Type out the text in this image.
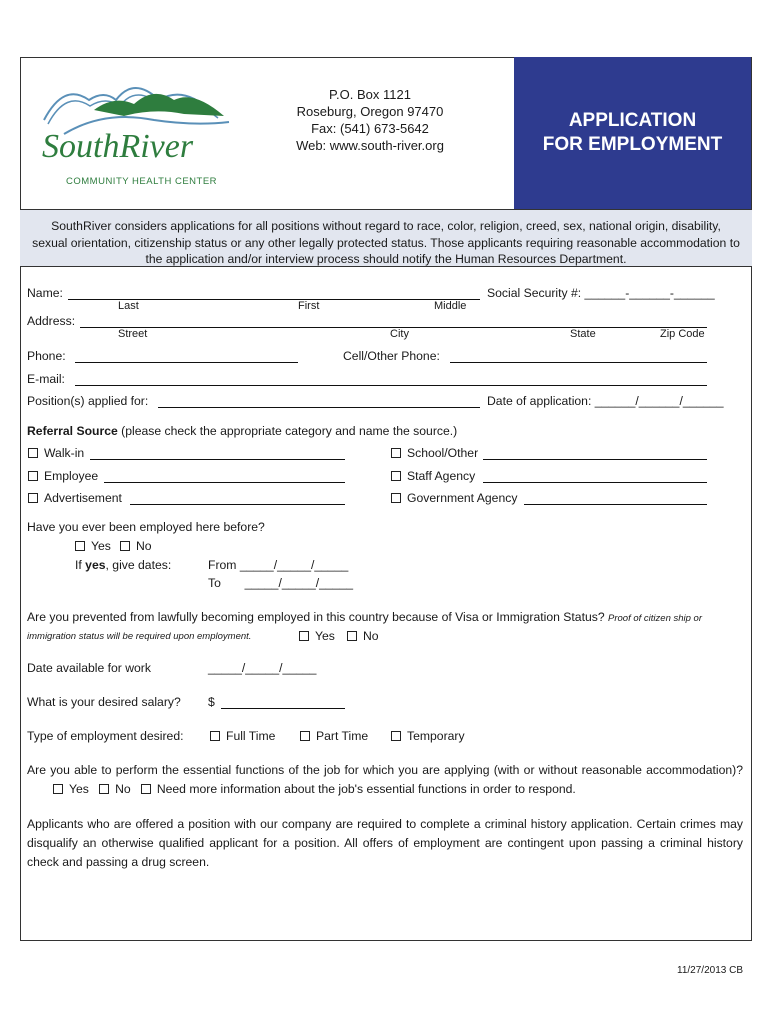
SouthRiver
COMMUNITY HEALTH CENTER
P.O. Box 1121
Roseburg, Oregon 97470
Fax: (541) 673-5642
Web: www.south-river.org
APPLICATION
FOR EMPLOYMENT
SouthRiver considers applications for all positions without regard to race, color, religion, creed, sex, national origin, disability, sexual orientation, citizenship status or any other legally protected status. Those applicants requiring reasonable accommodation to the application and/or interview process should notify the Human Resources Department.
Name:	Social Security #: ______-______-______
Last	First	Middle
Address:
Street	City	State	Zip Code
Phone:	Cell/Other Phone:
E-mail:
Position(s) applied for:	Date of application: ______/______/______
Referral Source (please check the appropriate category and name the source.)
Walk-in
Employee
Advertisement
School/Other
Staff Agency
Government Agency
Have you ever been employed here before?
Yes	No
If yes, give dates:	From _____/_____/_____
To       _____/_____/_____
Are you prevented from lawfully becoming employed in this country because of Visa or Immigration Status? Proof of citizen ship or
immigration status will be required upon employment.	Yes	No
Date available for work	_____/_____/_____
What is your desired salary? $
Type of employment desired:	Full Time	Part Time	Temporary
Are you able to perform the essential functions of the job for which you are applying (with or without reasonable accommodation)? Yes No Need more information about the job's essential functions in order to respond.
Applicants who are offered a position with our company are required to complete a criminal history application. Certain crimes may disqualify an otherwise qualified applicant for a position. All offers of employment are contingent upon passing a criminal history check and passing a drug screen.
11/27/2013 CB
